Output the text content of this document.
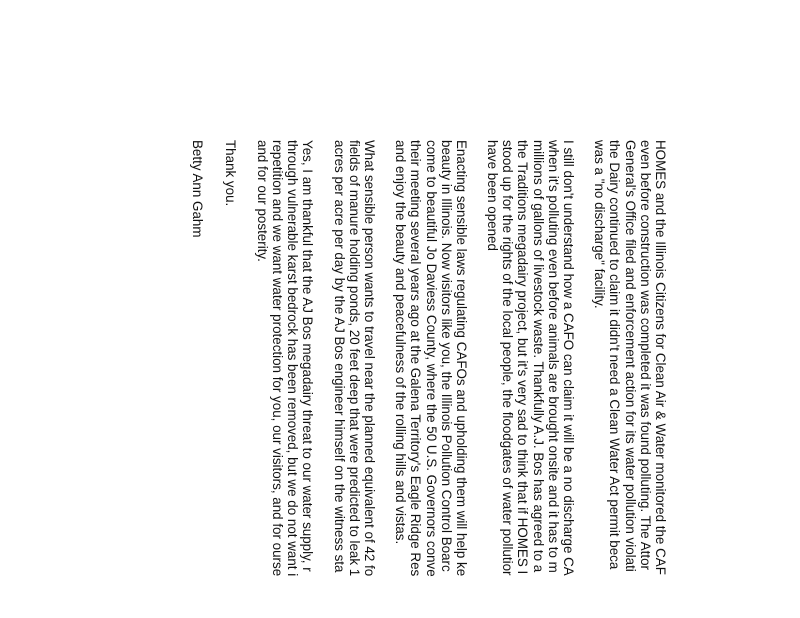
HOMES and the Illinois Citizens for Clean Air & Water monitored the CAF
even before construction was completed it was found polluting. The Attor
General's Office filed and enforcement action for its water pollution violati
the Dairy continued to claim it didn't need a Clean Water Act permit beca
was a "no discharge" facility.
I still don't understand how a CAFO can claim it will be a no discharge CA
when it's polluting even before animals are brought onsite and it has to m
millions of gallons of livestock waste. Thankfully A.J. Bos has agreed to a
the Traditions megadairy project, but it's very sad to think that if HOMES I
stood up for the rights of the local people, the floodgates of water pollutior
have been opened
Enacting sensible laws regulating CAFOs and upholding them will help ke
beauty in Illinois. Now visitors like you, the Illinois Pollution Control Boarc
come to beautiful Jo Daviess County, where the 50 U.S. Governors conve
their meeting several years ago at the Galena Territory's Eagle Ridge Res
and enjoy the beauty and peacefulness of the rolling hills and vistas.
What sensible person wants to travel near the planned equivalent of 42 fo
fields of manure holding ponds, 20 feet deep that were predicted to leak 1
acres per acre per day by the AJ Bos engineer himself on the witness sta
Yes, I am thankful that the AJ Bos megadairy threat to our water supply, r
through vulnerable karst bedrock has been removed, but we do not want i
repetition and we want water protection for you, our visitors, and for ourse
and for our posterity.
Thank you.
Betty Ann Gahm
